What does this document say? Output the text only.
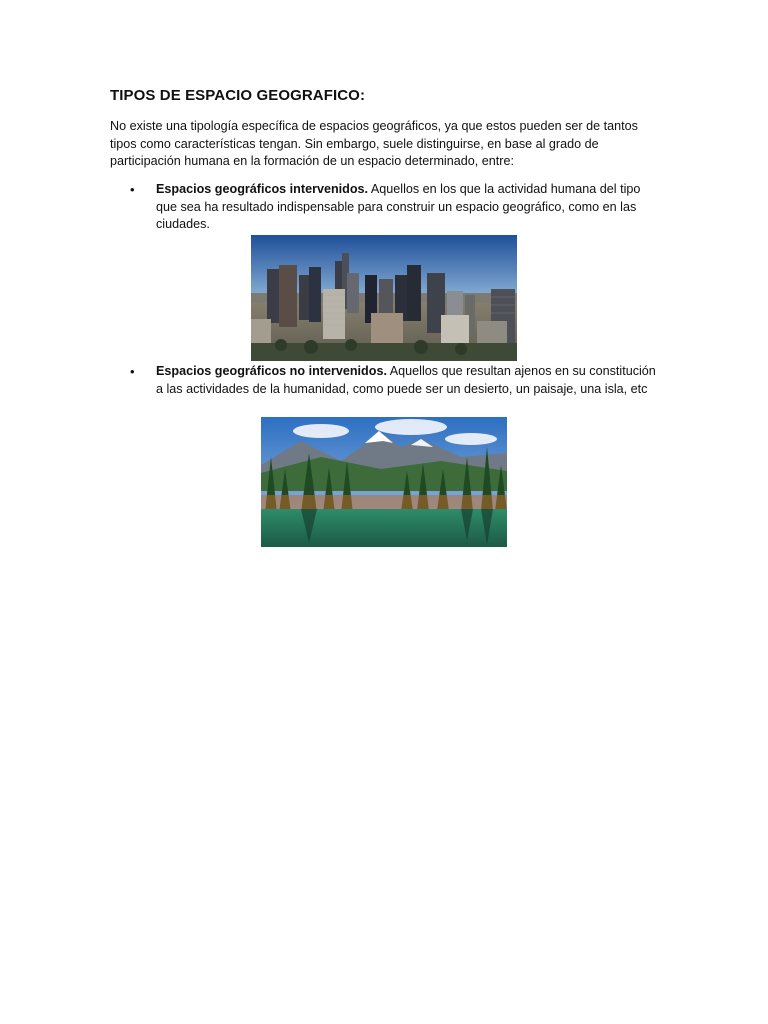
TIPOS DE ESPACIO GEOGRAFICO:

No existe una tipología específica de espacios geográficos, ya que estos pueden ser de tantos tipos como características tengan. Sin embargo, suele distinguirse, en base al grado de participación humana en la formación de un espacio determinado, entre:

• Espacios geográficos intervenidos. Aquellos en los que la actividad humana del tipo que sea ha resultado indispensable para construir un espacio geográfico, como en las ciudades.
• Espacios geográficos no intervenidos. Aquellos que resultan ajenos en su constitución a las actividades de la humanidad, como puede ser un desierto, un paisaje, una isla, etc
